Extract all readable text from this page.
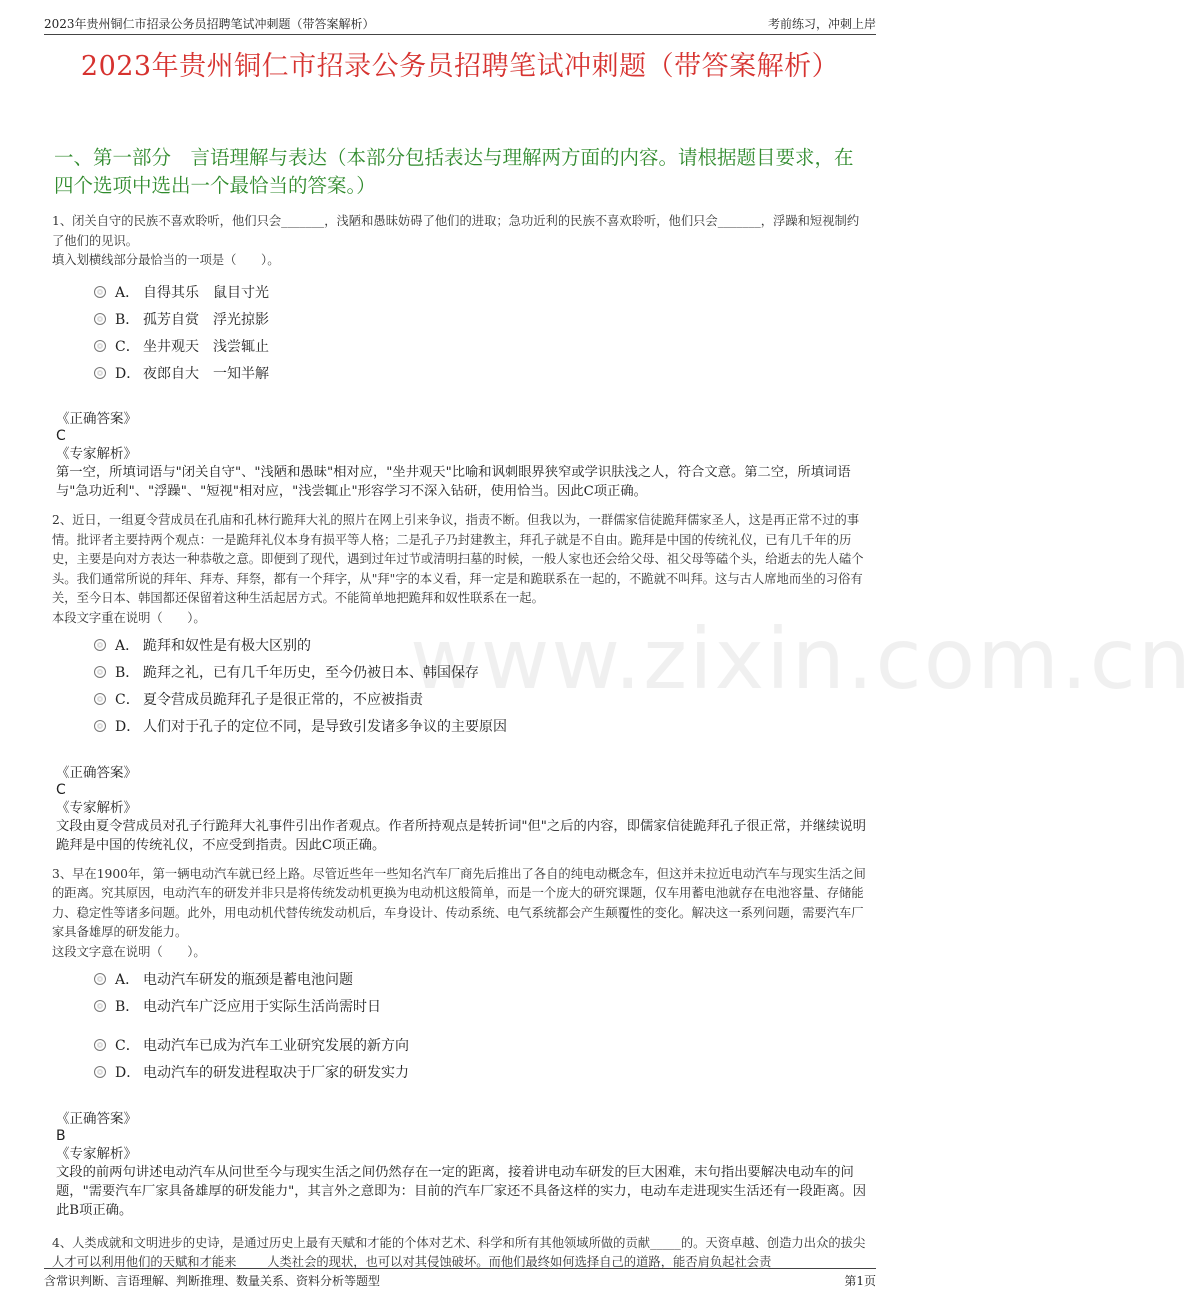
2023年贵州铜仁市招录公务员招聘笔试冲刺题（带答案解析）	考前练习，冲刺上岸
2023年贵州铜仁市招录公务员招聘笔试冲刺题（带答案解析）
一、第一部分　言语理解与表达（本部分包括表达与理解两方面的内容。请根据题目要求，在四个选项中选出一个最恰当的答案。）
www.zixin.com.cn
1、闭关自守的民族不喜欢聆听，他们只会_______，浅陋和愚昧妨碍了他们的进取；急功近利的民族不喜欢聆听，他们只会_______，浮躁和短视制约了他们的见识。
填入划横线部分最恰当的一项是（　　）。
A． 自得其乐　鼠目寸光
B． 孤芳自赏　浮光掠影
C． 坐井观天　浅尝辄止
D． 夜郎自大　一知半解
《正确答案》
C
《专家解析》
第一空，所填词语与"闭关自守"、"浅陋和愚昧"相对应，"坐井观天"比喻和讽刺眼界狭窄或学识肤浅之人，符合文意。第二空，所填词语与"急功近利"、"浮躁"、"短视"相对应，"浅尝辄止"形容学习不深入钻研，使用恰当。因此C项正确。
2、近日，一组夏令营成员在孔庙和孔林行跪拜大礼的照片在网上引来争议，指责不断。但我以为，一群儒家信徒跪拜儒家圣人，这是再正常不过的事情。批评者主要持两个观点：一是跪拜礼仪本身有损平等人格；二是孔子乃封建教主，拜孔子就是不自由。跪拜是中国的传统礼仪，已有几千年的历史，主要是向对方表达一种恭敬之意。即便到了现代，遇到过年过节或清明扫墓的时候，一般人家也还会给父母、祖父母等磕个头，给逝去的先人磕个头。我们通常所说的拜年、拜寿、拜祭，都有一个拜字，从"拜"字的本义看，拜一定是和跪联系在一起的，不跪就不叫拜。这与古人席地而坐的习俗有关，至今日本、韩国都还保留着这种生活起居方式。不能简单地把跪拜和奴性联系在一起。
本段文字重在说明（　　）。
A． 跪拜和奴性是有极大区别的
B． 跪拜之礼，已有几千年历史，至今仍被日本、韩国保存
C． 夏令营成员跪拜孔子是很正常的，不应被指责
D． 人们对于孔子的定位不同，是导致引发诸多争议的主要原因
《正确答案》
C
《专家解析》
文段由夏令营成员对孔子行跪拜大礼事件引出作者观点。作者所持观点是转折词"但"之后的内容，即儒家信徒跪拜孔子很正常，并继续说明跪拜是中国的传统礼仪，不应受到指责。因此C项正确。
3、早在1900年，第一辆电动汽车就已经上路。尽管近些年一些知名汽车厂商先后推出了各自的纯电动概念车，但这并未拉近电动汽车与现实生活之间的距离。究其原因，电动汽车的研发并非只是将传统发动机更换为电动机这般简单，而是一个庞大的研究课题，仅车用蓄电池就存在电池容量、存储能力、稳定性等诸多问题。此外，用电动机代替传统发动机后，车身设计、传动系统、电气系统都会产生颠覆性的变化。解决这一系列问题，需要汽车厂家具备雄厚的研发能力。
这段文字意在说明（　　）。
A． 电动汽车研发的瓶颈是蓄电池问题
B． 电动汽车广泛应用于实际生活尚需时日
C． 电动汽车已成为汽车工业研究发展的新方向
D． 电动汽车的研发进程取决于厂家的研发实力
《正确答案》
B
《专家解析》
文段的前两句讲述电动汽车从问世至今与现实生活之间仍然存在一定的距离，接着讲电动车研发的巨大困难，末句指出要解决电动车的问题，"需要汽车厂家具备雄厚的研发能力"，其言外之意即为：目前的汽车厂家还不具备这样的实力，电动车走进现实生活还有一段距离。因此B项正确。
4、人类成就和文明进步的史诗，是通过历史上最有天赋和才能的个体对艺术、科学和所有其他领域所做的贡献_____的。天资卓越、创造力出众的拔尖人才可以利用他们的天赋和才能来_____人类社会的现状，也可以对其侵蚀破坏。而他们最终如何选择自己的道路，能否肩负起社会责
含常识判断、言语理解、判断推理、数量关系、资料分析等题型	第1页
